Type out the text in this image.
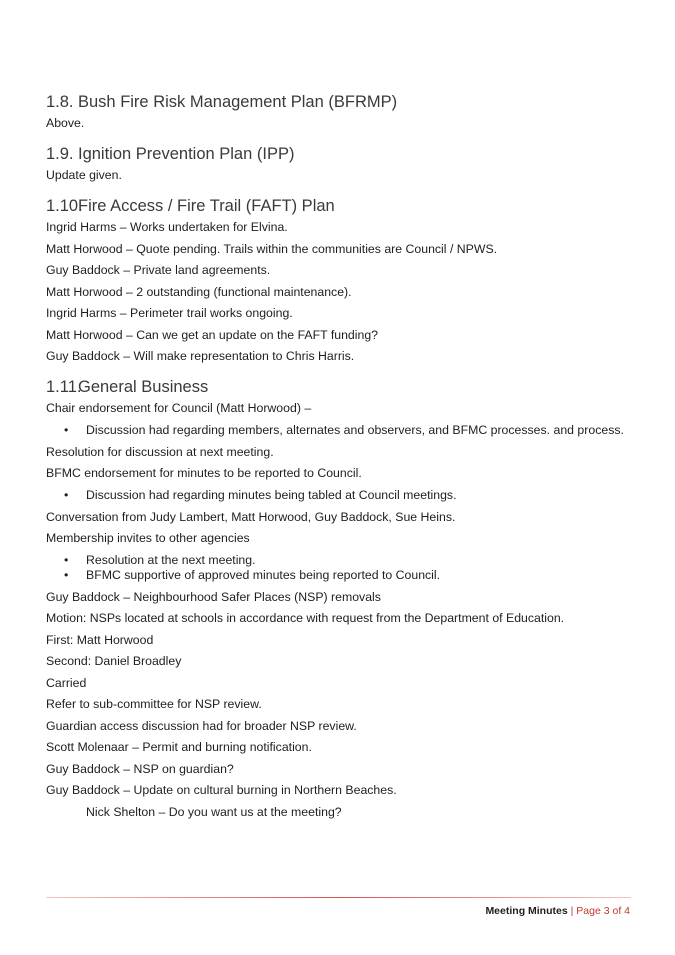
1.8. Bush Fire Risk Management Plan (BFRMP)

Above.

1.9. Ignition Prevention Plan (IPP)

Update given.

1.10.Fire Access / Fire Trail (FAFT) Plan

Ingrid Harms – Works undertaken for Elvina.

Matt Horwood – Quote pending. Trails within the communities are Council / NPWS.

Guy Baddock – Private land agreements.

Matt Horwood – 2 outstanding (functional maintenance).

Ingrid Harms – Perimeter trail works ongoing.

Matt Horwood – Can we get an update on the FAFT funding?

Guy Baddock – Will make representation to Chris Harris.

1.11.General Business

Chair endorsement for Council (Matt Horwood) –

• Discussion had regarding members, alternates and observers, and BFMC processes. and process.

Resolution for discussion at next meeting.

BFMC endorsement for minutes to be reported to Council.

• Discussion had regarding minutes being tabled at Council meetings.

Conversation from Judy Lambert, Matt Horwood, Guy Baddock, Sue Heins.

Membership invites to other agencies

• Resolution at the next meeting.
• BFMC supportive of approved minutes being reported to Council.

Guy Baddock – Neighbourhood Safer Places (NSP) removals

Motion: NSPs located at schools in accordance with request from the Department of Education.

First: Matt Horwood

Second: Daniel Broadley

Carried

Refer to sub-committee for NSP review.

Guardian access discussion had for broader NSP review.

Scott Molenaar – Permit and burning notification.

Guy Baddock – NSP on guardian?

Guy Baddock – Update on cultural burning in Northern Beaches.

Nick Shelton – Do you want us at the meeting?

Meeting Minutes | Page 3 of 4
